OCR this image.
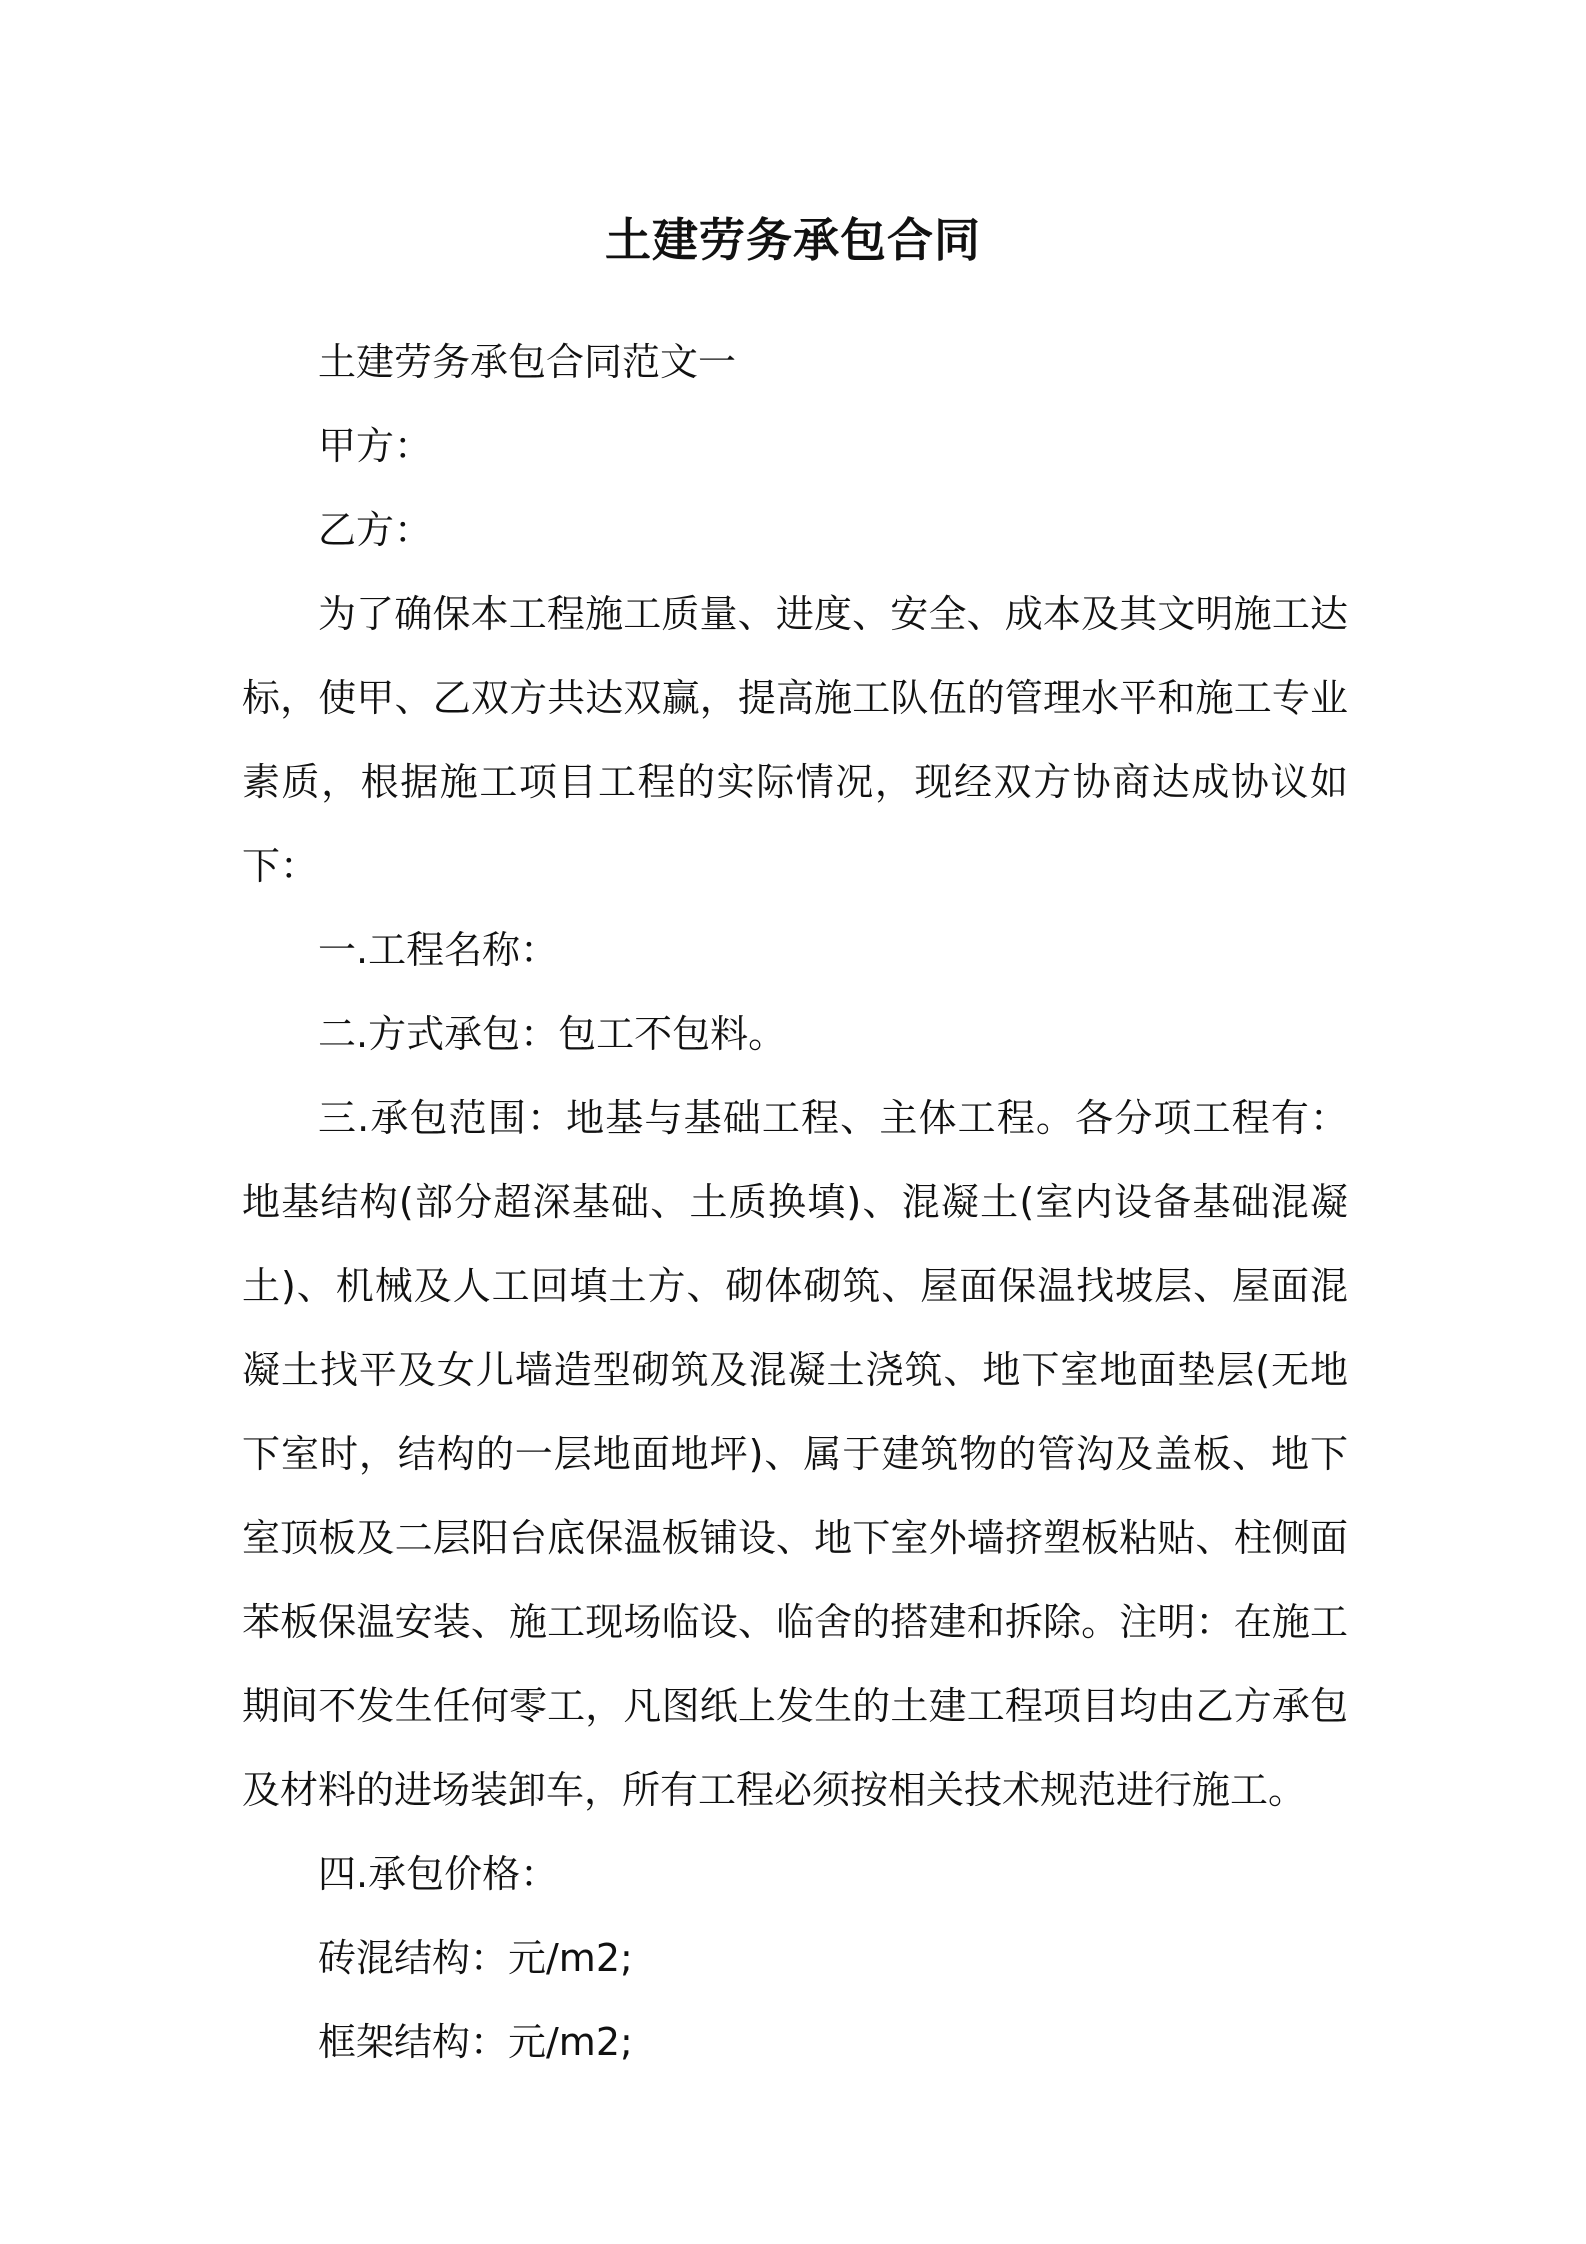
土建劳务承包合同

土建劳务承包合同范文一

甲方：

乙方：

为了确保本工程施工质量、进度、安全、成本及其文明施工达标，使甲、乙双方共达双赢，提高施工队伍的管理水平和施工专业素质，根据施工项目工程的实际情况，现经双方协商达成协议如下：

一.工程名称：

二.方式承包：包工不包料。

三.承包范围：地基与基础工程、主体工程。各分项工程有：地基结构(部分超深基础、土质换填)、混凝土(室内设备基础混凝土)、机械及人工回填土方、砌体砌筑、屋面保温找坡层、屋面混凝土找平及女儿墙造型砌筑及混凝土浇筑、地下室地面垫层(无地下室时，结构的一层地面地坪)、属于建筑物的管沟及盖板、地下室顶板及二层阳台底保温板铺设、地下室外墙挤塑板粘贴、柱侧面苯板保温安装、施工现场临设、临舍的搭建和拆除。注明：在施工期间不发生任何零工，凡图纸上发生的土建工程项目均由乙方承包及材料的进场装卸车，所有工程必须按相关技术规范进行施工。

四.承包价格：

砖混结构：元/m2;

框架结构：元/m2;
